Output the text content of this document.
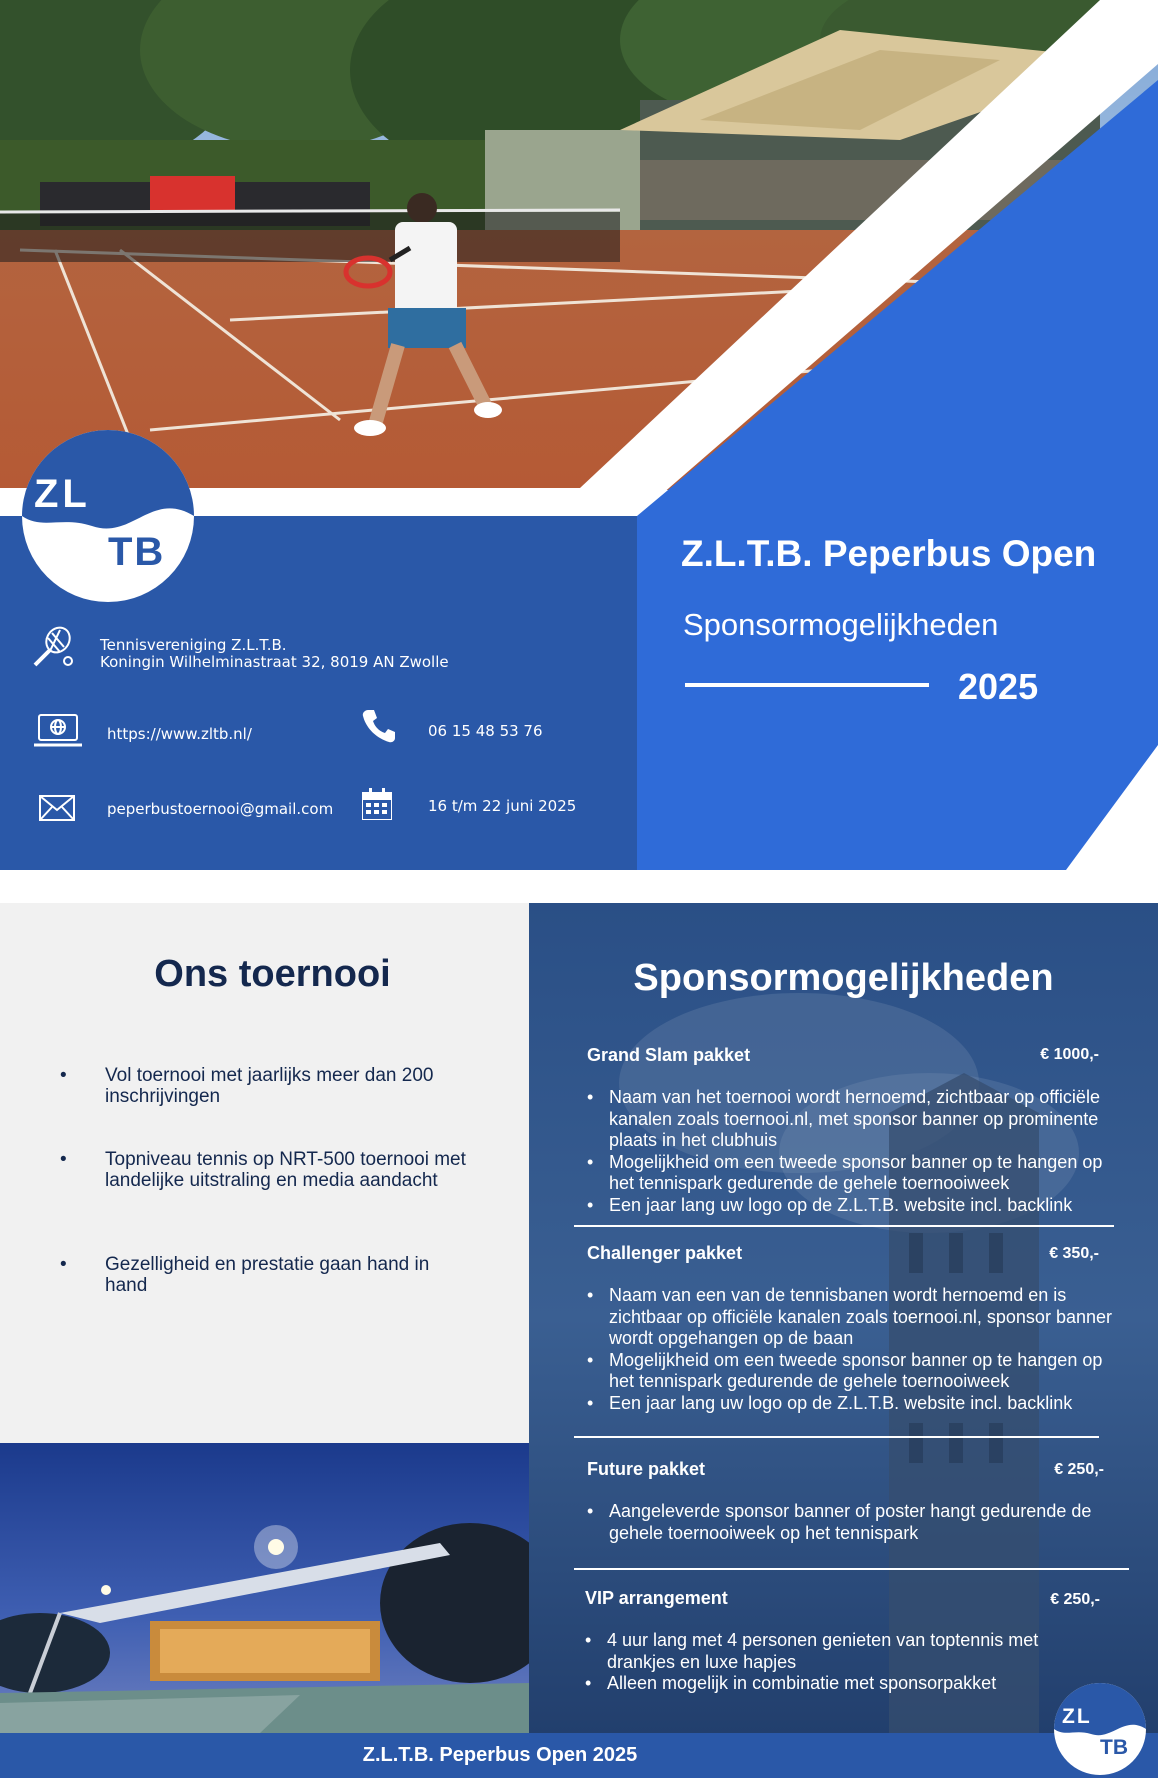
ZL
TB
Tennisvereniging Z.L.T.B.
Koningin Wilhelminastraat 32, 8019 AN Zwolle
https://www.zltb.nl/	06 15 48 53 76
peperbustoernooi@gmail.com	16 t/m 22 juni 2025
Z.L.T.B. Peperbus Open
Sponsormogelijkheden
2025
Ons toernooi
• Vol toernooi met jaarlijks meer dan 200 inschrijvingen
• Topniveau tennis op NRT-500 toernooi met landelijke uitstraling en media aandacht
• Gezelligheid en prestatie gaan hand in hand
Sponsormogelijkheden
Grand Slam pakket	€ 1000,-
• Naam van het toernooi wordt hernoemd, zichtbaar op officiële kanalen zoals toernooi.nl, met sponsor banner op prominente plaats in het clubhuis
• Mogelijkheid om een tweede sponsor banner op te hangen op het tennispark gedurende de gehele toernooiweek
• Een jaar lang uw logo op de Z.L.T.B. website incl. backlink
Challenger pakket	€ 350,-
• Naam van een van de tennisbanen wordt hernoemd en is zichtbaar op officiële kanalen zoals toernooi.nl, sponsor banner wordt opgehangen op de baan
• Mogelijkheid om een tweede sponsor banner op te hangen op het tennispark gedurende de gehele toernooiweek
• Een jaar lang uw logo op de Z.L.T.B. website incl. backlink
Future pakket	€ 250,-
• Aangeleverde sponsor banner of poster hangt gedurende de gehele toernooiweek op het tennispark
VIP arrangement	€ 250,-
• 4 uur lang met 4 personen genieten van toptennis met drankjes en luxe hapjes
• Alleen mogelijk in combinatie met sponsorpakket
Z.L.T.B. Peperbus Open 2025
ZL
TB
